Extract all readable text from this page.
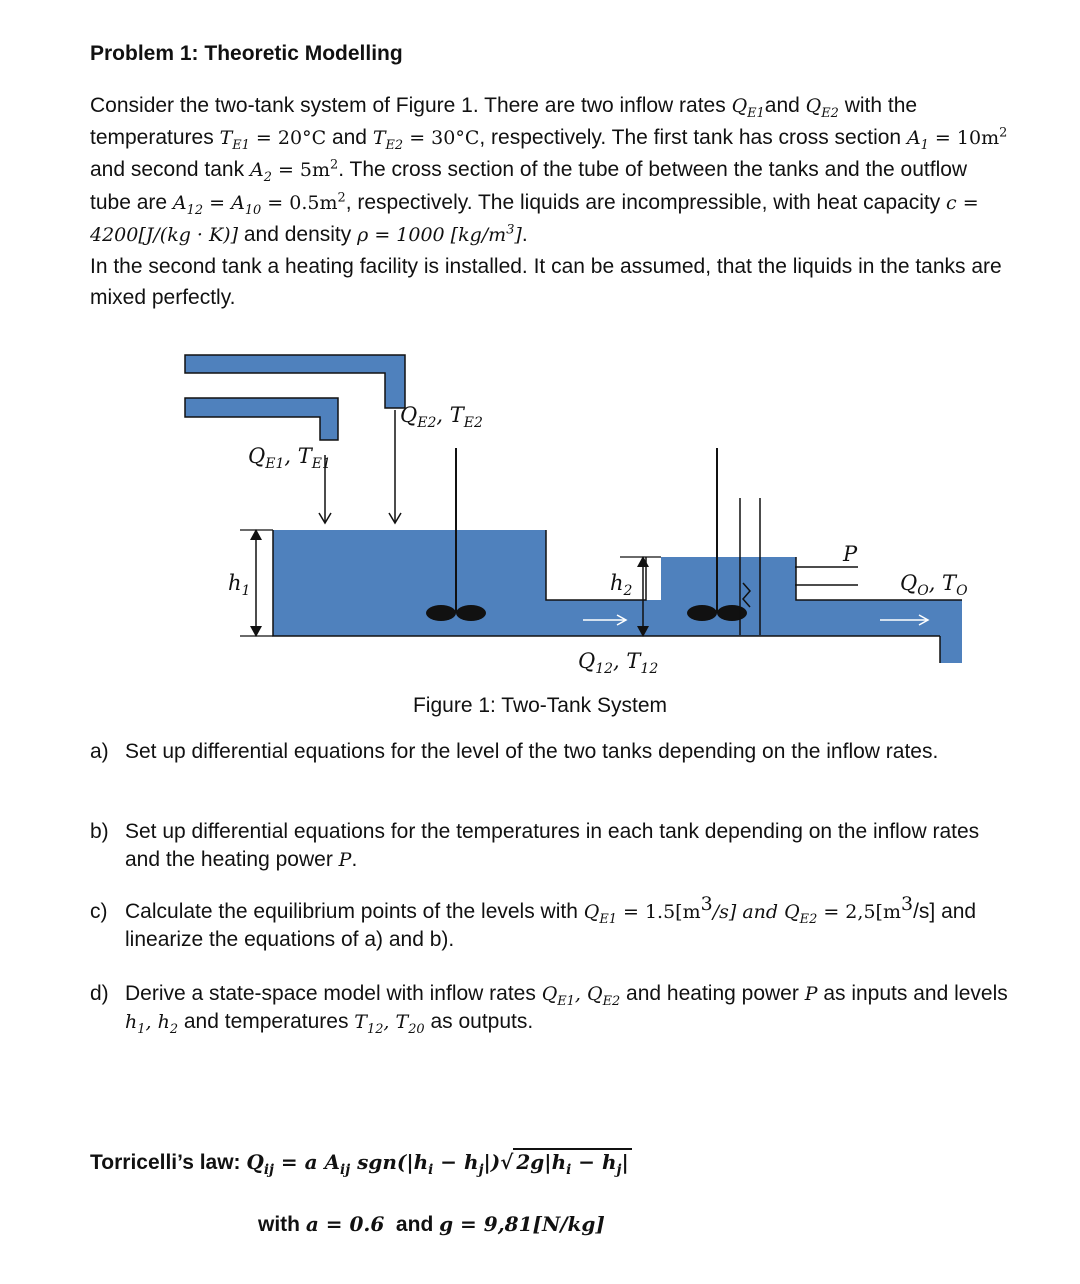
Problem 1: Theoretic Modelling

Consider the two-tank system of Figure 1. There are two inflow rates $Q_{E1}and$ $Q_{E2}$ with the temperatures $T_{E1} = 20^\circ C$ and $T_{E2} = 30^\circ C$, respectively. The first tank has cross section $A_1 = 10m^2$ and second tank $A_2 = 5m^2$. The cross section of the tube of between the tanks and the outflow tube are $A_{12} = A_{10} = 0.5m^2$, respectively. The liquids are incompressible, with heat capacity c = 4200[J/(kg · K)] and density ρ = 1000 $[kg/m^3]$.
In the second tank a heating facility is installed. It can be assumed, that the liquids in the tanks are mixed perfectly.

$Q_{E1}$, $T_{E1}$
$Q_{E2}$, $T_{E2}$
$h_1$	$h_2$
P
$Q_O$, $T_O$
$Q_{12}$, $T_{12}$

Figure 1: Two-Tank System

a) Set up differential equations for the level of the two tanks depending on the inflow rates.
b) Set up differential equations for the temperatures in each tank depending on the inflow rates and the heating power P.
c) Calculate the equilibrium points of the levels with $Q_{E1} = 1.5[m^3/s]$ and $Q_{E2} = 2,5[m^3/s]$ and linearize the equations of a) and b).
d) Derive a state-space model with inflow rates $Q_{E1}$, $Q_{E2}$ and heating power P as inputs and levels $h_1$, $h_2$ and temperatures $T_{12}$, $T_{20}$ as outputs.

Torricelli’s law: $Q_{ij} = a$ $A_{ij}$ $sgn(|h_i - h_j|)√$ $2g|h_i - h_j|$

with a = 0.6  and g = 9,81[N/kg]
